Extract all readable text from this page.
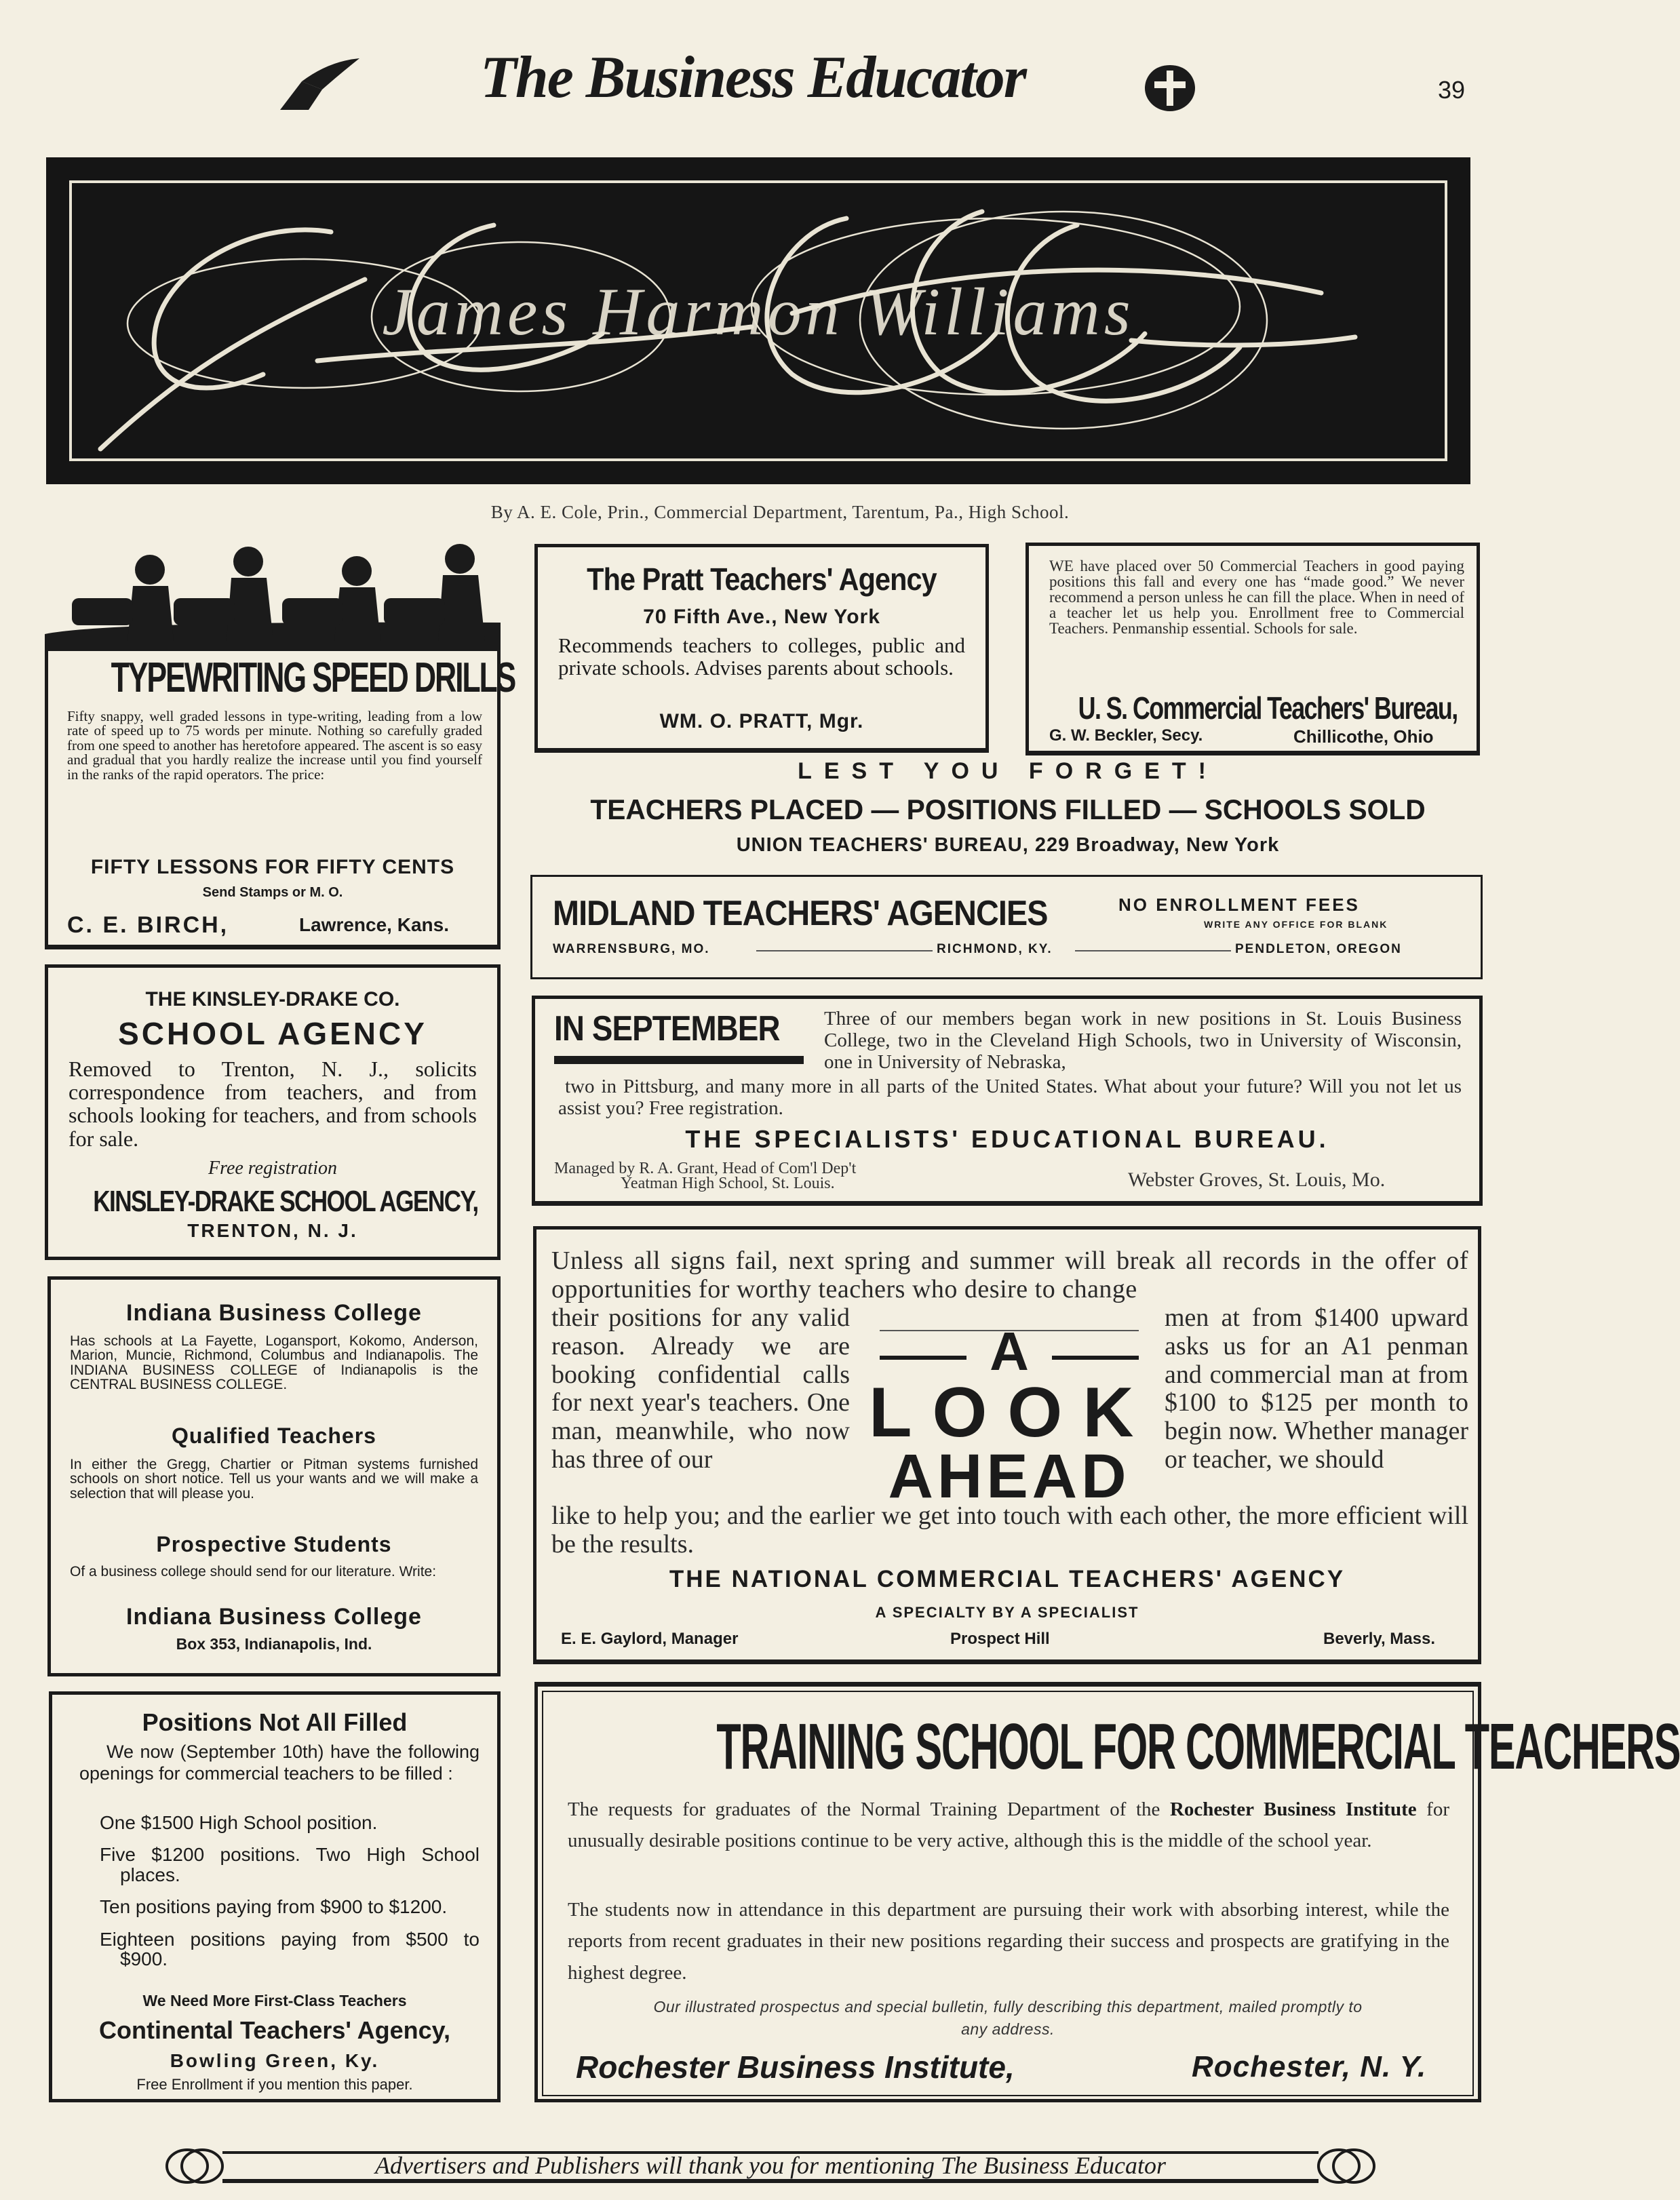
The Business Educator	39
James Harmon Williams
By A. E. Cole, Prin., Commercial Department, Tarentum, Pa., High School.
TYPEWRITING SPEED DRILLS
Fifty snappy, well graded lessons in type-writing, leading from a low rate of speed up to 75 words per minute. Nothing so carefully graded from one speed to another has heretofore appeared. The ascent is so easy and gradual that you hardly realize the increase until you find yourself in the ranks of the rapid operators. The price:
FIFTY LESSONS FOR FIFTY CENTS
Send Stamps or M. O.
C. E. BIRCH,	Lawrence, Kans.
THE KINSLEY-DRAKE CO.
SCHOOL AGENCY
Removed to Trenton, N. J., solicits correspondence from teachers, and from schools looking for teachers, and from schools for sale.
Free registration
KINSLEY-DRAKE SCHOOL AGENCY,
TRENTON, N. J.
Indiana Business College
Has schools at La Fayette, Logansport, Kokomo, Anderson, Marion, Muncie, Richmond, Columbus and Indianapolis. The INDIANA BUSINESS COLLEGE of Indianapolis is the CENTRAL BUSINESS COLLEGE.
Qualified Teachers
In either the Gregg, Chartier or Pitman systems furnished schools on short notice. Tell us your wants and we will make a selection that will please you.
Prospective Students
Of a business college should send for our literature. Write:
Indiana Business College
Box 353, Indianapolis, Ind.
Positions Not All Filled
We now (September 10th) have the following openings for commercial teachers to be filled :

One $1500 High School position.

Five $1200 positions. Two High School places.

Ten positions paying from $900 to $1200.

Eighteen positions paying from $500 to $900.

We Need More First-Class Teachers
Continental Teachers' Agency,
Bowling Green, Ky.
Free Enrollment if you mention this paper.
The Pratt Teachers' Agency
70 Fifth Ave., New York
Recommends teachers to colleges, public and private schools. Advises parents about schools.
WM. O. PRATT, Mgr.
WE have placed over 50 Commercial Teachers in good paying positions this fall and every one has “made good.” We never recommend a person unless he can fill the place. When in need of a teacher let us help you. Enrollment free to Commercial Teachers. Penmanship essential. Schools for sale.
U. S. Commercial Teachers' Bureau,
G. W. Beckler, Secy.	Chillicothe, Ohio
LEST YOU FORGET!
TEACHERS PLACED — POSITIONS FILLED — SCHOOLS SOLD
UNION TEACHERS' BUREAU, 229 Broadway, New York
MIDLAND TEACHERS' AGENCIES	NO ENROLLMENT FEES
WRITE ANY OFFICE FOR BLANK
WARRENSBURG, MO.	RICHMOND, KY.	PENDLETON, OREGON
IN SEPTEMBER Three of our members began work in new positions in St. Louis Business College, two in the Cleveland High Schools, two in University of Wisconsin, one in University of Nebraska,
two in Pittsburg, and many more in all parts of the United States. What about your future? Will you not let us assist you? Free registration.
THE SPECIALISTS' EDUCATIONAL BUREAU.
Managed by R. A. Grant, Head of Com'l Dep't
Yeatman High School, St. Louis.	Webster Groves, St. Louis, Mo.
Unless all signs fail, next spring and summer will break all records in the offer of opportunities for worthy teachers who desire to change
their positions for any valid reason. Already we are booking confidential calls for next year's teachers. One man, meanwhile, who now has three of our
men at from $1400 upward asks us for an A1 penman and commercial man at from $100 to $125 per month to begin now. Whether manager or teacher, we should
A
LOOK
AHEAD
like to help you; and the earlier we get into touch with each other, the more efficient will be the results.
THE NATIONAL COMMERCIAL TEACHERS' AGENCY
A SPECIALTY BY A SPECIALIST
E. E. Gaylord, Manager	Prospect Hill	Beverly, Mass.
TRAINING SCHOOL FOR COMMERCIAL TEACHERS
The requests for graduates of the Normal Training Department of the Rochester Business Institute for unusually desirable positions continue to be very active, although this is the middle of the school year.
The students now in attendance in this department are pursuing their work with absorbing interest, while the reports from recent graduates in their new positions regarding their success and prospects are gratifying in the highest degree.
Our illustrated prospectus and special bulletin, fully describing this department, mailed promptly to any address.
Rochester Business Institute,	Rochester, N. Y.
Advertisers and Publishers will thank you for mentioning The Business Educator
